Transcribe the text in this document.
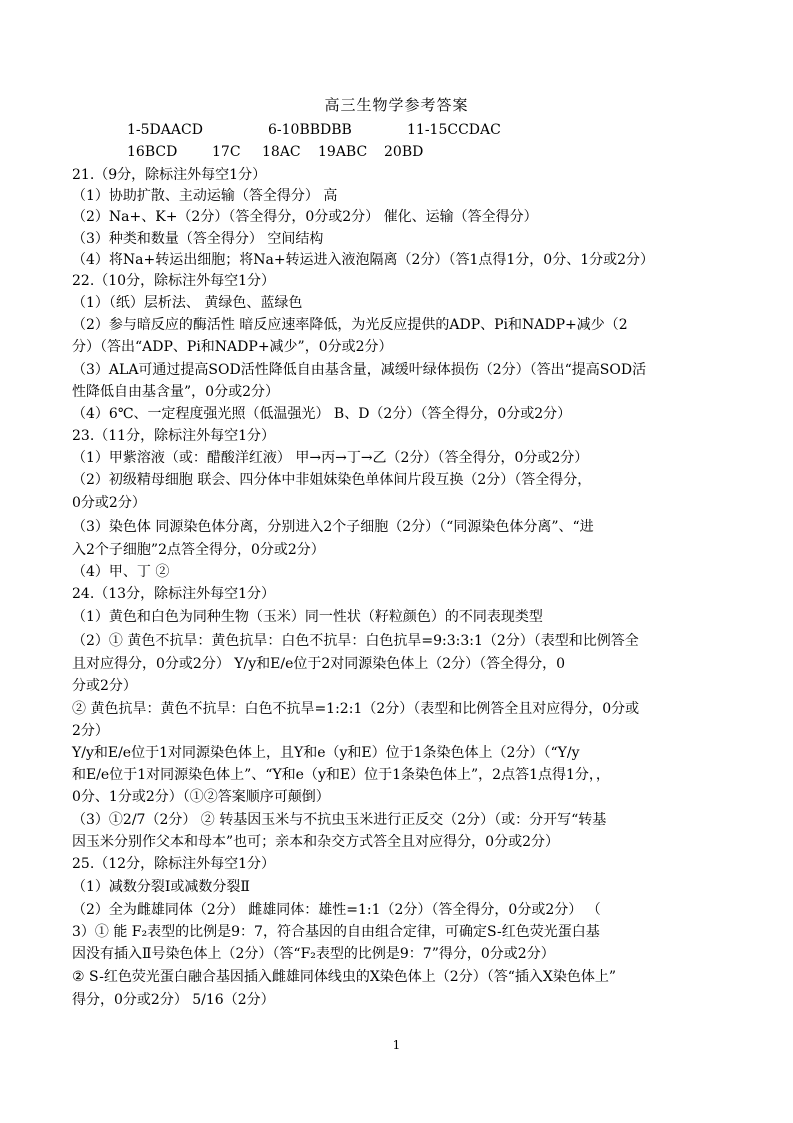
高三生物学参考答案
1-5DAACD	6-10BBDBB	11-15CCDAC
16BCD 17C 18AC 19ABC 20BD
21.（9分，除标注外每空1分）
（1）协助扩散、主动运输（答全得分） 高
（2）Na+、K+（2分）（答全得分，0分或2分） 催化、运输（答全得分）
（3）种类和数量（答全得分） 空间结构
（4）将Na+转运出细胞；将Na+转运进入液泡隔离（2分）（答1点得1分，0分、1分或2分）
22.（10分，除标注外每空1分）
（1）（纸）层析法、 黄绿色、蓝绿色
（2）参与暗反应的酶活性 暗反应速率降低，为光反应提供的ADP、Pi和NADP+减少（2
分）（答出“ADP、Pi和NADP+减少”，0分或2分）
（3）ALA可通过提高SOD活性降低自由基含量，减缓叶绿体损伤（2分）（答出“提高SOD活
性降低自由基含量”，0分或2分）
（4）6℃、一定程度强光照（低温强光） B、D（2分）（答全得分，0分或2分）
23.（11分，除标注外每空1分）
（1）甲紫溶液（或：醋酸洋红液） 甲→丙→丁→乙（2分）（答全得分，0分或2分）
（2）初级精母细胞 联会、四分体中非姐妹染色单体间片段互换（2分）（答全得分，
0分或2分）
（3）染色体 同源染色体分离，分别进入2个子细胞（2分）（“同源染色体分离”、“进
入2个子细胞”2点答全得分，0分或2分）
（4）甲、丁 ②
24.（13分，除标注外每空1分）
（1）黄色和白色为同种生物（玉米）同一性状（籽粒颜色）的不同表现类型
（2）① 黄色不抗旱：黄色抗旱：白色不抗旱：白色抗旱=9:3:3:1（2分）（表型和比例答全
且对应得分，0分或2分） Y/y和E/e位于2对同源染色体上（2分）（答全得分，0
分或2分）
② 黄色抗旱：黄色不抗旱：白色不抗旱=1:2:1（2分）（表型和比例答全且对应得分，0分或
2分）
Y/y和E/e位于1对同源染色体上，且Y和e（y和E）位于1条染色体上（2分）（“Y/y
和E/e位于1对同源染色体上”、“Y和e（y和E）位于1条染色体上”，2点答1点得1分，，
0分、1分或2分）（①②答案顺序可颠倒）
（3）①2/7（2分） ② 转基因玉米与不抗虫玉米进行正反交（2分）（或：分开写“转基
因玉米分别作父本和母本”也可；亲本和杂交方式答全且对应得分，0分或2分）
25.（12分，除标注外每空1分）
（1）减数分裂Ⅰ或减数分裂Ⅱ
（2）全为雌雄同体（2分） 雌雄同体：雄性=1:1（2分）（答全得分，0分或2分） （
3）① 能 F₂表型的比例是9：7，符合基因的自由组合定律，可确定S-红色荧光蛋白基
因没有插入Ⅱ号染色体上（2分）（答“F₂表型的比例是9：7”得分，0分或2分）
② S-红色荧光蛋白融合基因插入雌雄同体线虫的X染色体上（2分）（答“插入X染色体上”
得分，0分或2分） 5/16（2分）
1
